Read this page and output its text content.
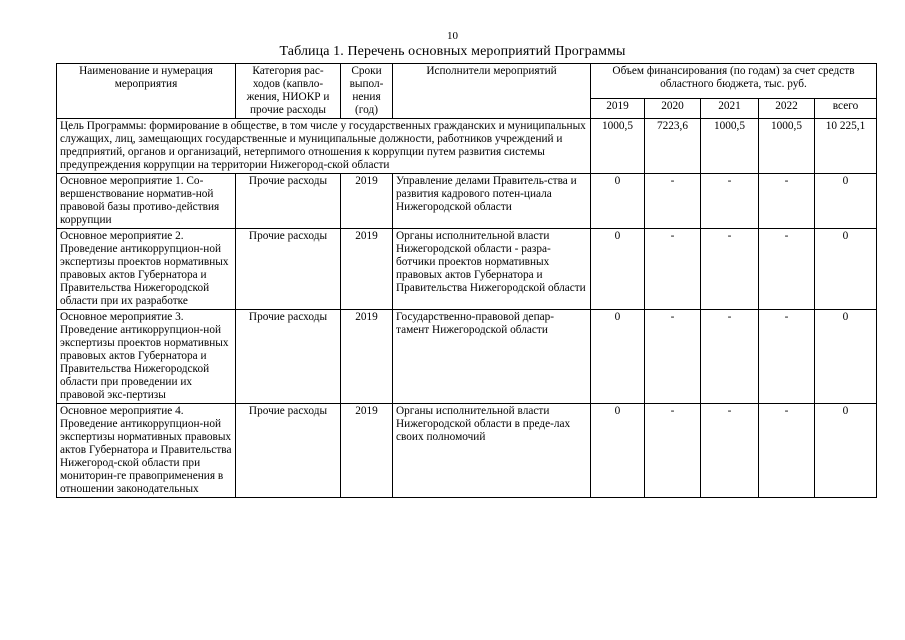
10
Таблица 1. Перечень основных мероприятий Программы
Наименование и нумерация мероприятия	Категория рас-ходов (капвло-жения, НИОКР и прочие расходы	Сроки выпол-нения (год)	Исполнители мероприятий	Объем финансирования (по годам) за счет средств областного бюджета, тыс. руб.				
				2019	2020	2021	2022	всего
Цель Программы: формирование в обществе, в том числе у государственных гражданских и муниципальных служащих, лиц, замещающих государственные и муниципальные должности, работников учреждений и предприятий, органов и организаций, нетерпимого отношения к коррупции путем развития системы предупреждения коррупции на территории Нижегород-ской области				1000,5	7223,6	1000,5	1000,5	10 225,1
Основное мероприятие 1. Со-вершенствование норматив-ной правовой базы противо-действия коррупции	Прочие расходы	2019	Управление делами Правитель-ства и развития кадрового потен-циала Нижегородской области	0	-	-	-	0
Основное мероприятие 2. Проведение антикоррупцион-ной экспертизы проектов нормативных правовых актов Губернатора и Правительства Нижегородской области при их разработке	Прочие расходы	2019	Органы исполнительной власти Нижегородской области - разра-ботчики проектов нормативных правовых актов Губернатора и Правительства Нижегородской области	0	-	-	-	0
Основное мероприятие 3. Проведение антикоррупцион-ной экспертизы проектов нормативных правовых актов Губернатора и Правительства Нижегородской области при проведении их правовой экс-пертизы	Прочие расходы	2019	Государственно-правовой депар-тамент Нижегородской области	0	-	-	-	0
Основное мероприятие 4. Проведение антикоррупцион-ной экспертизы нормативных правовых актов Губернатора и Правительства Нижегород-ской области при мониторин-ге правоприменения в отношении законодательных	Прочие расходы	2019	Органы исполнительной власти Нижегородской области в преде-лах своих полномочий	0	-	-	-	0
